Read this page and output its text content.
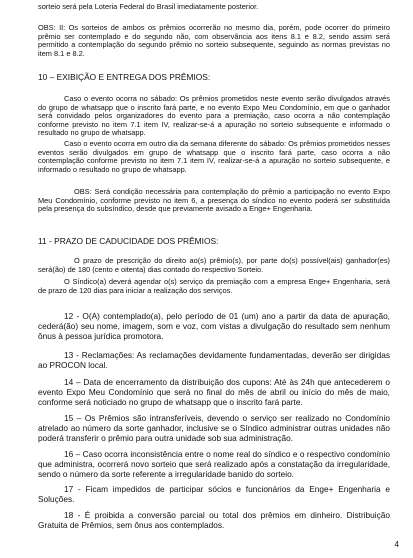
sorteio será pela Loteria Federal do Brasil imediatamente posterior.

OBS: II: Os sorteios de ambos os prêmios ocorrerão no mesmo dia, porém, pode ocorrer do primeiro prêmio ser contemplado e do segundo não, com observância aos itens 8.1 e 8.2, sendo assim será permitido a contemplação do segundo prêmio no sorteio subsequente, seguindo as normas previstas no item 8.1 e 8.2.

10 – EXIBIÇÃO E ENTREGA DOS PRÊMIOS:

Caso o evento ocorra no sábado: Os prêmios prometidos neste evento serão divulgados através do grupo de whatsapp que o inscrito fará parte, e no evento Expo Meu Condomínio, em que o ganhador será convidado pelos organizadores do evento para a premiação, caso ocorra a não contemplação conforme previsto no item 7.1 item IV, realizar-se-á a apuração no sorteio subsequente e informado o resultado no grupo de whatsapp.

Caso o evento ocorra em outro dia da semana diferente do sábado: Os prêmios prometidos nesses eventos serão divulgados em grupo de whatsapp que o inscrito fará parte, caso ocorra a não contemplação conforme previsto no item 7.1 item IV, realizar-se-á a apuração no sorteio subsequente, e informado o resultado no grupo de whatsapp.

OBS: Será condição necessária para contemplação do prêmio a participação no evento Expo Meu Condomínio, conforme previsto no item 6, a presença do síndico no evento poderá ser substituída pela presença do subsíndico, desde que previamente avisado a Enge+ Engenharia.

11 - PRAZO DE CADUCIDADE DOS PRÊMIOS:

O prazo de prescrição do direito ao(s) prêmio(s), por parte do(s) possível(ais) ganhador(es) será(ão) de 180 (cento e oitenta) dias contado do respectivo Sorteio.

O Síndico(a) deverá agendar o(s) serviço da premiação com a empresa Enge+ Engenharia, será de prazo de 120 dias para iniciar a realização dos serviços.

12 - O(A) contemplado(a), pelo período de 01 (um) ano a partir da data de apuração, cederá(ão) seu nome, imagem, som e voz, com vistas a divulgação do resultado sem nenhum ônus à pessoa jurídica promotora.

13 - Reclamações: As reclamações devidamente fundamentadas, deverão ser dirigidas ao PROCON local.

14 – Data de encerramento da distribuição dos cupons: Até às 24h que antecederem o evento Expo Meu Condomínio que será no final do mês de abril ou início do mês de maio, conforme será noticiado no grupo de whatsapp que o inscrito fará parte.

15 – Os Prêmios são intransferíveis, devendo o serviço ser realizado no Condomínio atrelado ao número da sorte ganhador, inclusive se o Síndico administrar outras unidades não poderá transferir o prêmio para outra unidade sob sua administração.

16 – Caso ocorra inconsistência entre o nome real do síndico e o respectivo condomínio que administra, ocorrerá novo sorteio que será realizado após a constatação da irregularidade, sendo o número da sorte referente a irregularidade banido do sorteio.

17 - Ficam impedidos de participar sócios e funcionários da Enge+ Engenharia e Soluções.

18 - É proibida a conversão parcial ou total dos prêmios em dinheiro. Distribuição Gratuita de Prêmios, sem ônus aos contemplados.

4
